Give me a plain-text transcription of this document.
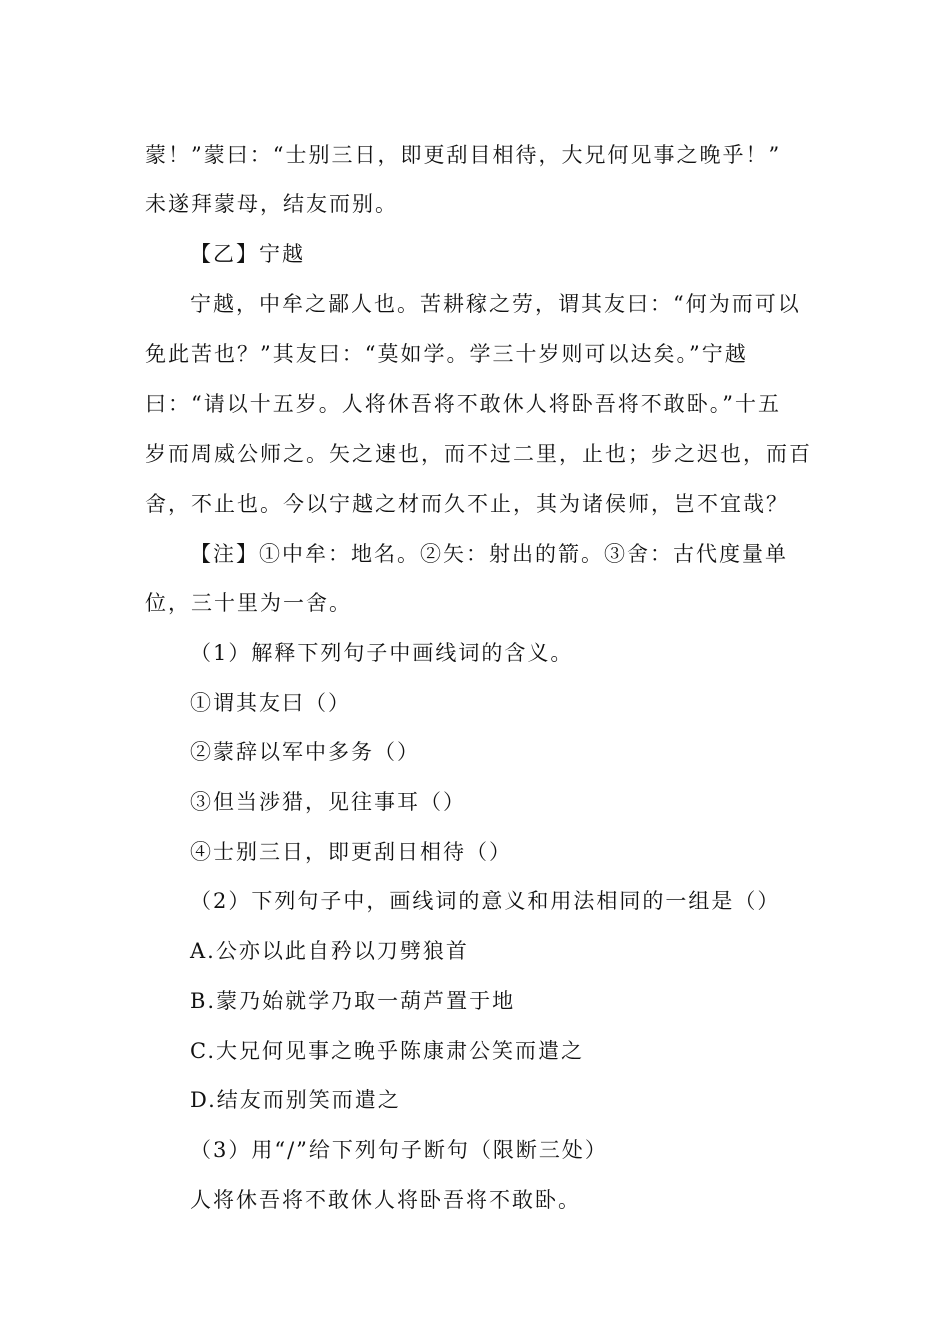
蒙！”蒙曰：“士别三日，即更刮目相待，大兄何见事之晚乎！”
未遂拜蒙母，结友而别。
【乙】宁越
宁越，中牟之鄙人也。苦耕稼之劳，谓其友曰：“何为而可以
免此苦也？”其友曰：“莫如学。学三十岁则可以达矣。”宁越
曰：“请以十五岁。人将休吾将不敢休人将卧吾将不敢卧。”十五
岁而周威公师之。矢之速也，而不过二里，止也；步之迟也，而百
舍，不止也。今以宁越之材而久不止，其为诸侯师，岂不宜哉？
【注】①中牟：地名。②矢：射出的箭。③舍：古代度量单
位，三十里为一舍。
（1）解释下列句子中画线词的含义。
①谓其友曰（）
②蒙辞以军中多务（）
③但当涉猎，见往事耳（）
④士别三日，即更刮日相待（）
（2）下列句子中，画线词的意义和用法相同的一组是（）
A.公亦以此自矜以刀劈狼首
B.蒙乃始就学乃取一葫芦置于地
C.大兄何见事之晚乎陈康肃公笑而遣之
D.结友而别笑而遣之
（3）用“/”给下列句子断句（限断三处）
人将休吾将不敢休人将卧吾将不敢卧。
